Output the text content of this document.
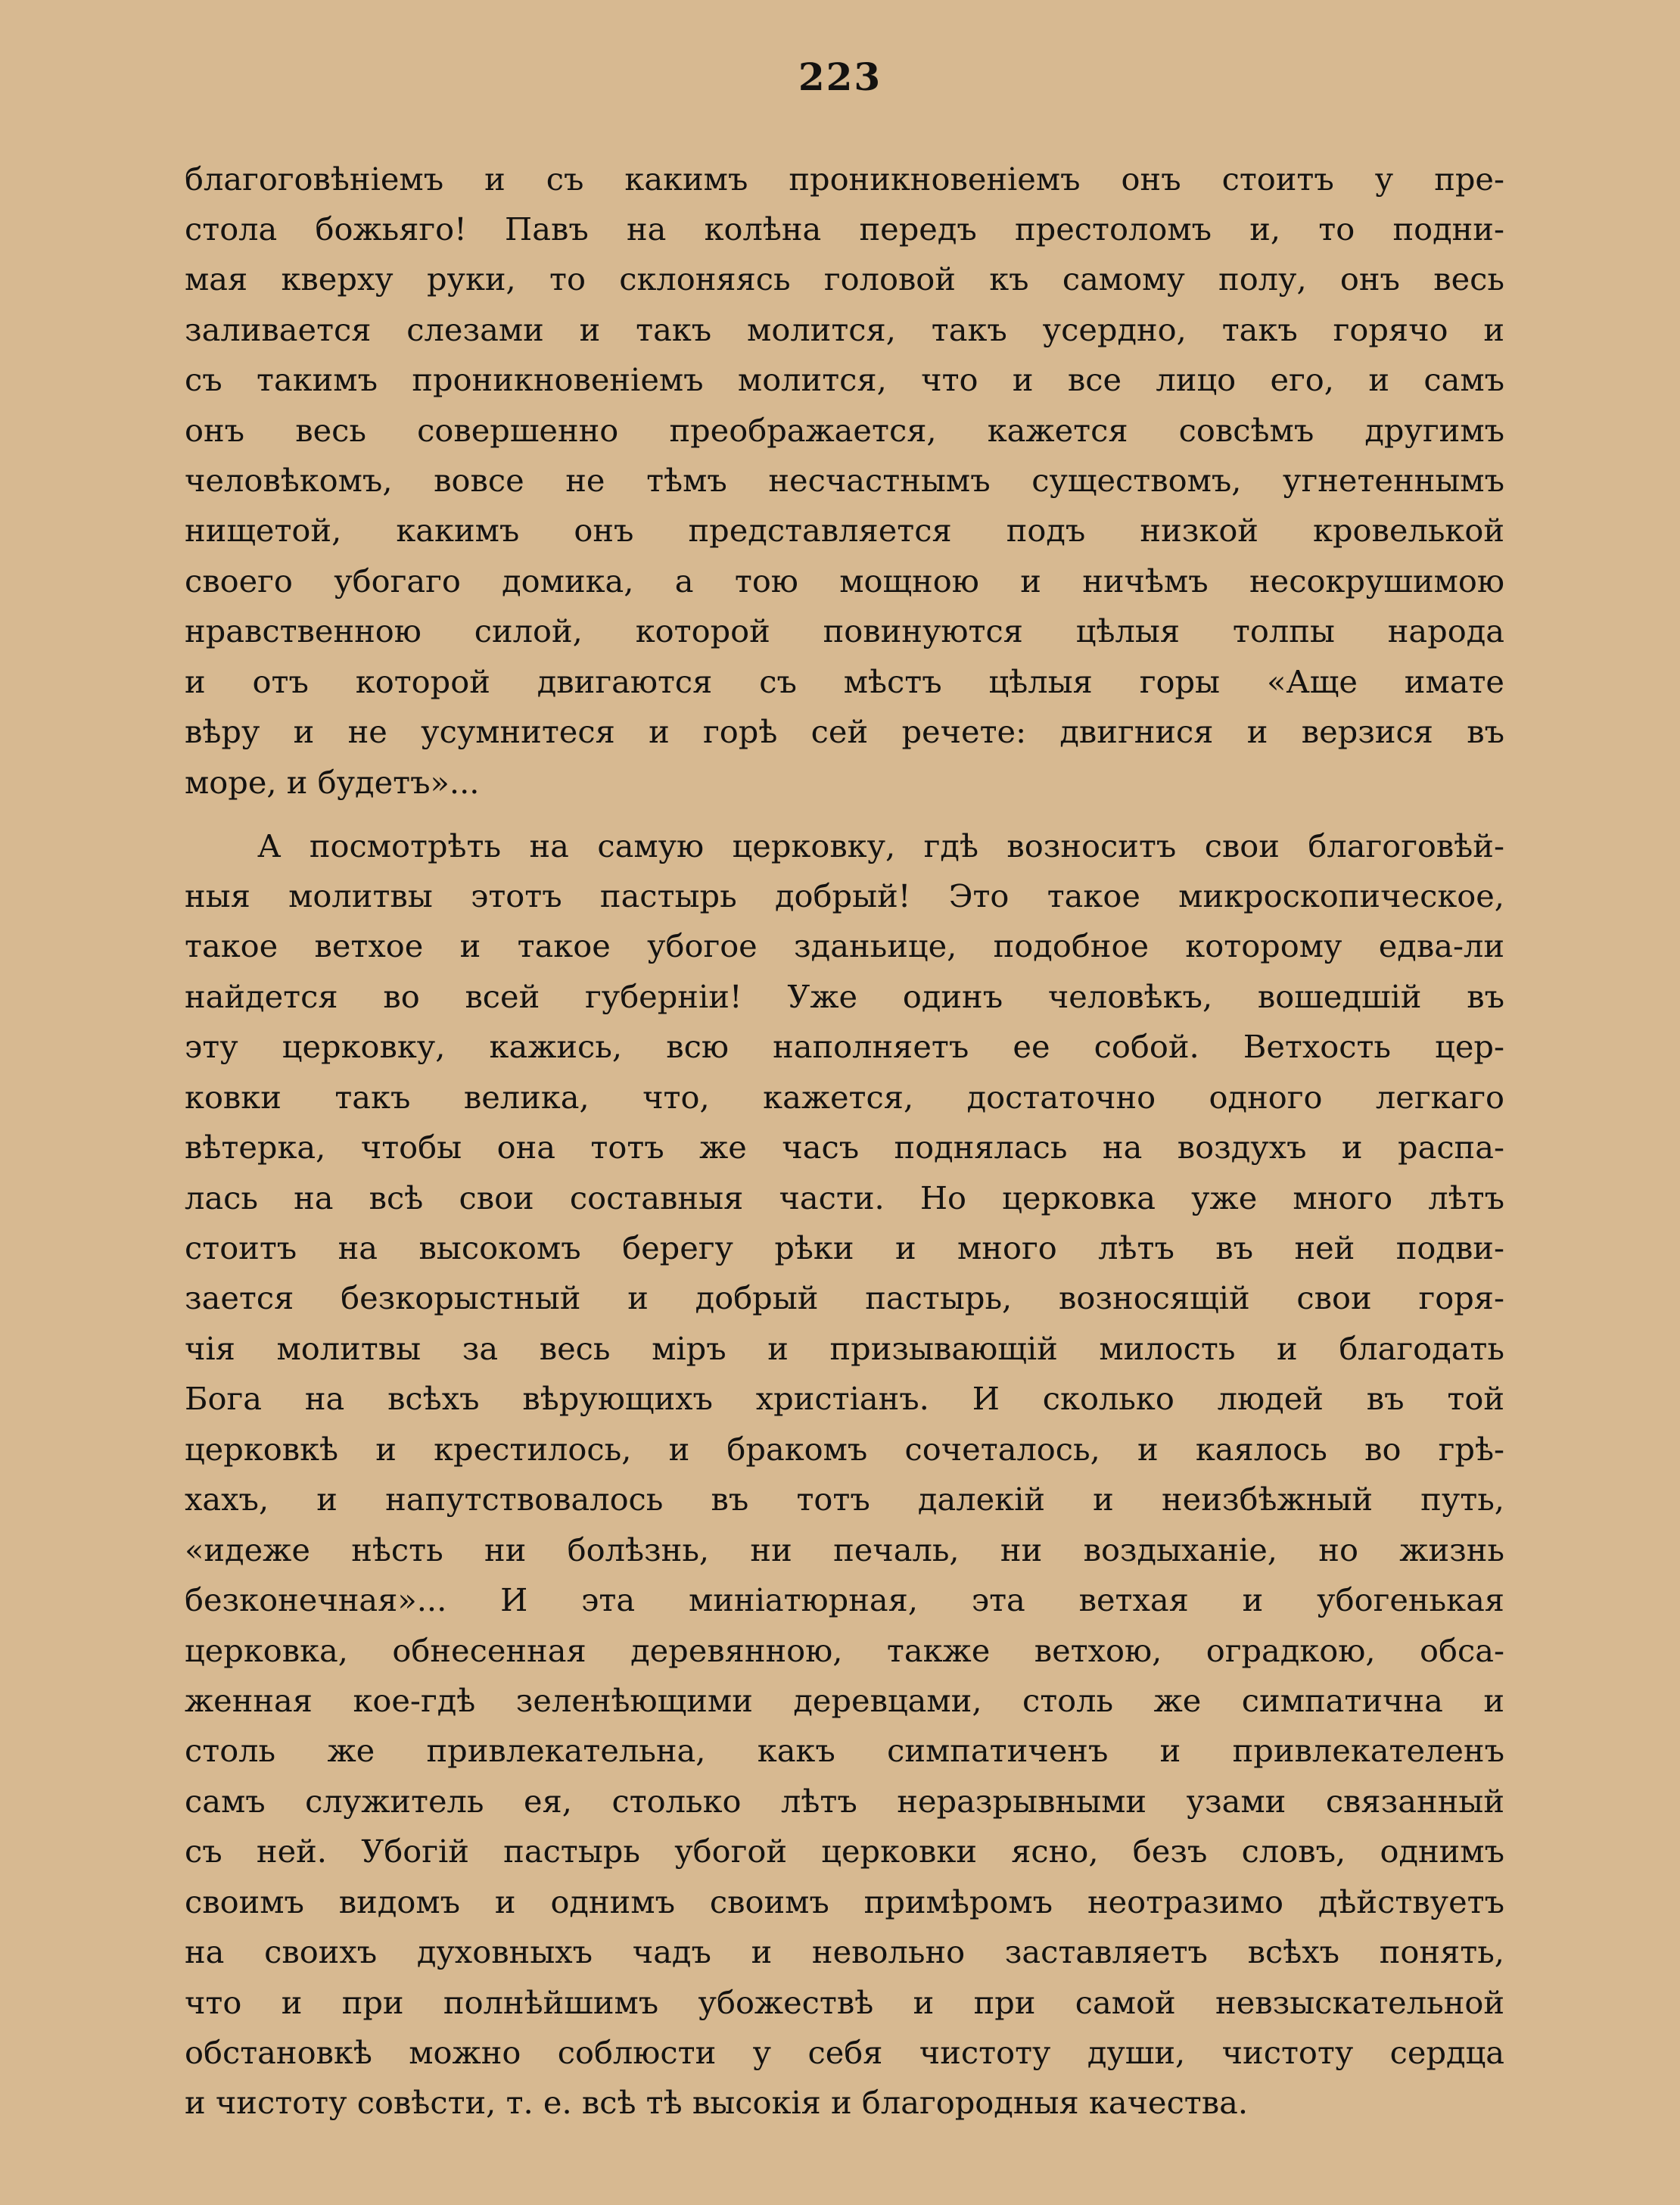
223
благоговѣніемъ и съ какимъ проникновеніемъ онъ стоитъ у пре-
стола божьяго! Павъ на колѣна передъ престоломъ и, то подни-
мая кверху руки, то склоняясь головой къ самому полу, онъ весь
заливается слезами и такъ молится, такъ усердно, такъ горячо и
съ такимъ проникновеніемъ молится, что и все лицо его, и самъ
онъ весь совершенно преображается, кажется совсѣмъ другимъ
человѣкомъ, вовсе не тѣмъ несчастнымъ существомъ, угнетеннымъ
нищетой, какимъ онъ представляется подъ низкой кровелькой
своего убогаго домика, а тою мощною и ничѣмъ несокрушимою
нравственною силой, которой повинуются цѣлыя толпы народа
и отъ которой двигаются съ мѣстъ цѣлыя горы «Аще имате
вѣру и не усумнитеся и горѣ сей речете: двигнися и верзися въ
море, и будетъ»...
А посмотрѣть на самую церковку, гдѣ возноситъ свои благоговѣй-
ныя молитвы этотъ пастырь добрый! Это такое микроскопическое,
такое ветхое и такое убогое зданьице, подобное которому едва-ли
найдется во всей губерніи! Уже одинъ человѣкъ, вошедшій въ
эту церковку, кажись, всю наполняетъ ее собой. Ветхость цер-
ковки такъ велика, что, кажется, достаточно одного легкаго
вѣтерка, чтобы она тотъ же часъ поднялась на воздухъ и распа-
лась на всѣ свои составныя части. Но церковка уже много лѣтъ
стоитъ на высокомъ берегу рѣки и много лѣтъ въ ней подви-
зается безкорыстный и добрый пастырь, возносящій свои горя-
чія молитвы за весь міръ и призывающій милость и благодать
Бога на всѣхъ вѣрующихъ христіанъ. И сколько людей въ той
церковкѣ и крестилось, и бракомъ сочеталось, и каялось во грѣ-
хахъ, и напутствовалось въ тотъ далекій и неизбѣжный путь,
«идеже нѣсть ни болѣзнь, ни печаль, ни воздыханіе, но жизнь
безконечная»... И эта миніатюрная, эта ветхая и убогенькая
церковка, обнесенная деревянною, также ветхою, оградкою, обса-
женная кое-гдѣ зеленѣющими деревцами, столь же симпатична и
столь же привлекательна, какъ симпатиченъ и привлекателенъ
самъ служитель ея, столько лѣтъ неразрывными узами связанный
съ ней. Убогій пастырь убогой церковки ясно, безъ словъ, однимъ
своимъ видомъ и однимъ своимъ примѣромъ неотразимо дѣйствуетъ
на своихъ духовныхъ чадъ и невольно заставляетъ всѣхъ понять,
что и при полнѣйшимъ убожествѣ и при самой невзыскательной
обстановкѣ можно соблюсти у себя чистоту души, чистоту сердца
и чистоту совѣсти, т. е. всѣ тѣ высокія и благородныя качества.
